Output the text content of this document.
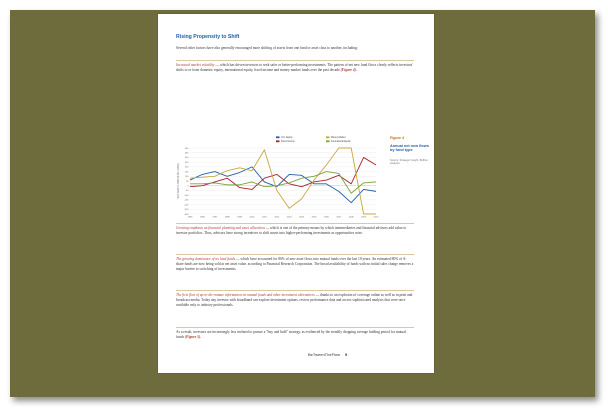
Rising Propensity to Shift
Several other factors have also generally encouraged more shifting of assets from one fund or asset class to another, including:
Increased market volatility — which has driven investors to seek safer or better-performing investments. The pattern of net new fund flows clearly reflects investors' shifts to or from domestic equity, international equity, fixed income and money market funds over the past decade (Figure 4).
U.S. Equity
Fixed Income
Money Market
International Equity
400
350
300
250
200
150
100
50
0
-50
-100
-150
-200
-250
-300
1995	1996	1997	1998	1999	2000	2001	2002	2003	2004	2005	2006	2007	2008	2009	2010
NET NEW FLOWS ($ BILLIONS)
Figure 4
Annual net new flows by fund type
Source: Strategic Insight, Buffton Analysis
Growing emphasis on financial planning and asset allocation — which is one of the primary means by which intermediaries and financial advisors add value to investor portfolios. Thus, advisors have strong incentives to shift assets into higher-performing investments as opportunities arise.
The growing dominance of no load funds — which have accounted for 86% of new asset flows into mutual funds over the last 10 years. An estimated 80% of A-share funds are now being sold at net asset value, according to Financial Research Corporation. The broad availability of funds with no initial sales charge removes a major barrier to switching of investments.
The first flow of up-to-the-minute information on mutual funds and other investment alternatives — thanks to an explosion of coverage online as well as in print and broadcast media. Today any investor with broadband can explore investment options, review performance data and access sophisticated analysis that were once available only to industry professionals.
As a result, investors are increasingly less inclined to pursue a "buy and hold" strategy, as evidenced by the steadily dropping average holding period for mutual funds (Figure 5).
BeTweenTheFlow 9
